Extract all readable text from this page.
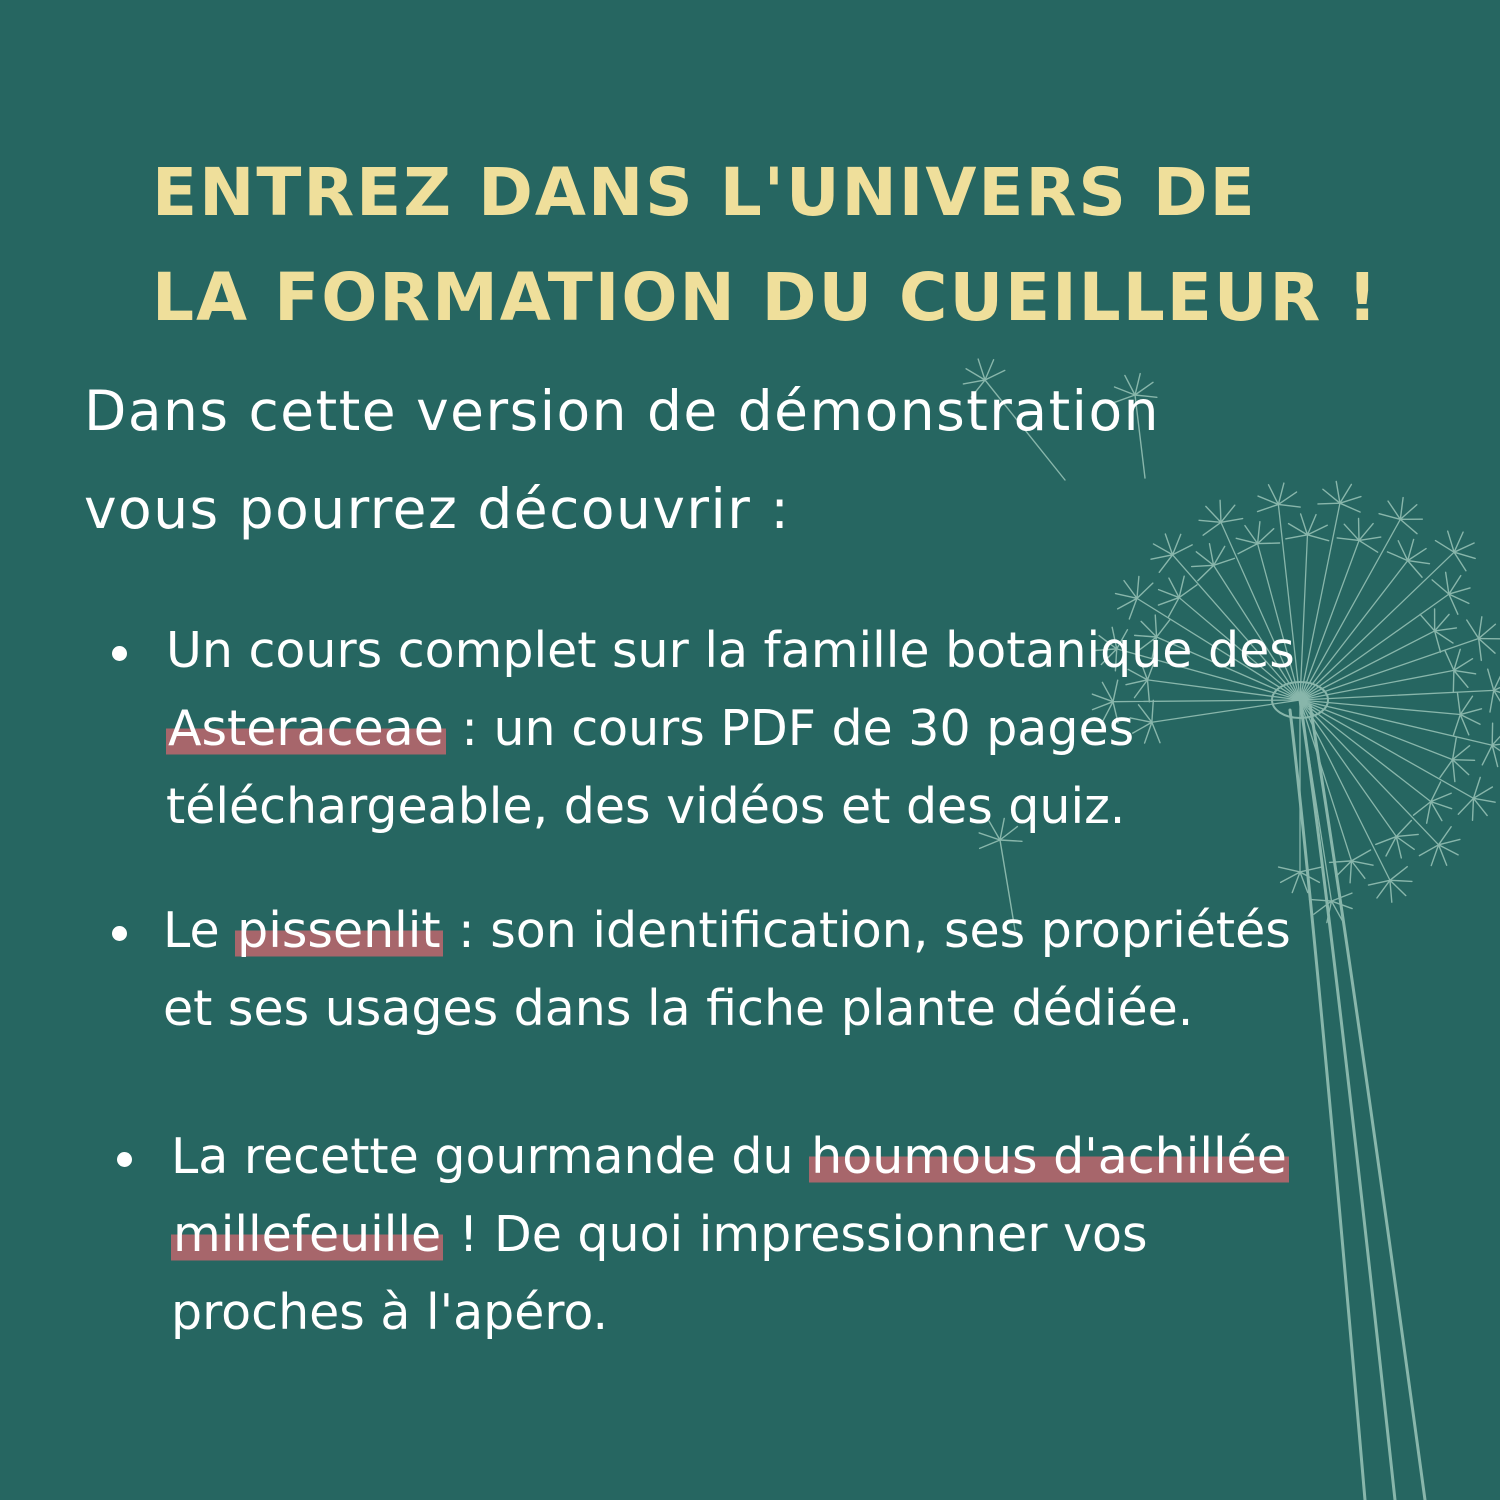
ENTREZ DANS L'UNIVERS DE
LA FORMATION DU CUEILLEUR !

Dans cette version de démonstration
vous pourrez découvrir :

Un cours complet sur la famille botanique des
Asteraceae : un cours PDF de 30 pages
téléchargeable, des vidéos et des quiz.
Le pissenlit : son identification, ses propriétés
et ses usages dans la fiche plante dédiée.
La recette gourmande du houmous d'achillée
millefeuille ! De quoi impressionner vos
proches à l'apéro.
